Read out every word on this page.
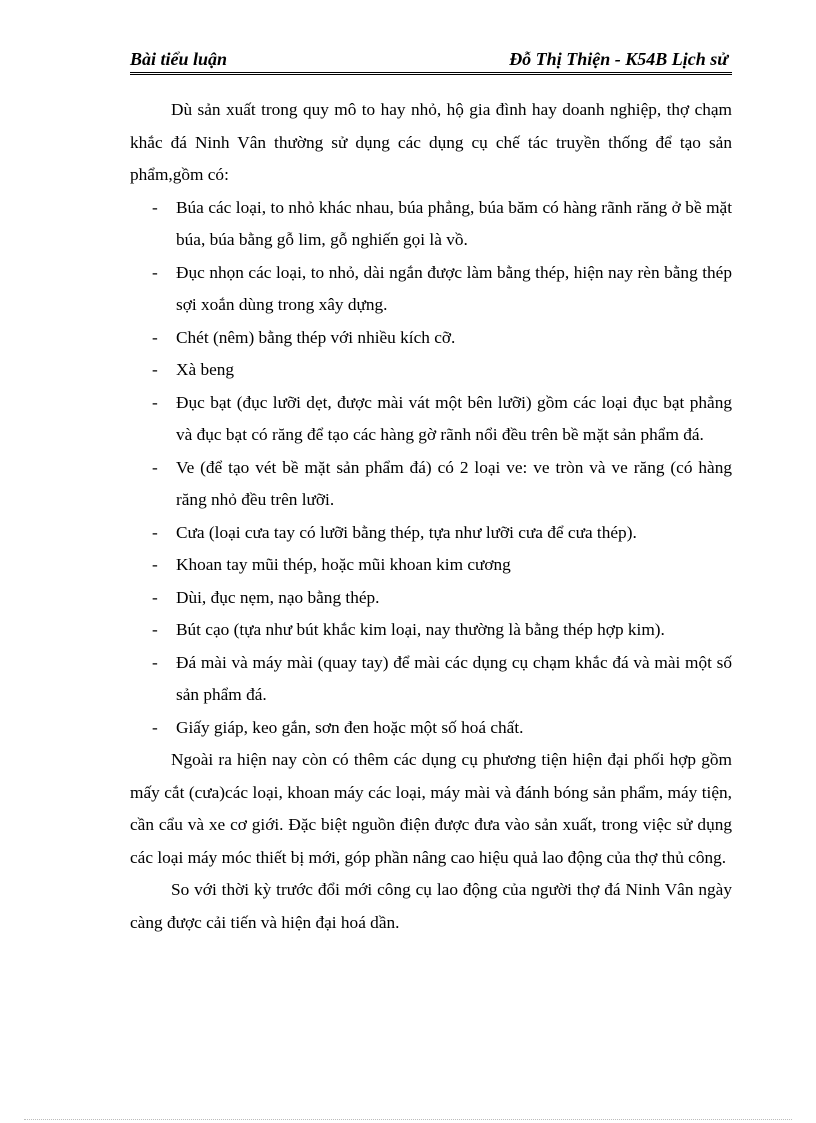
Bài tiểu luận	Đỗ Thị Thiện - K54B Lịch sử

Dù sản xuất trong quy mô to hay nhỏ, hộ gia đình hay doanh nghiệp, thợ chạm khắc đá Ninh Vân thường sử dụng các dụng cụ chế tác truyền thống để tạo sản phẩm,gồm có:

- Búa các loại, to nhỏ khác nhau, búa phẳng, búa băm có hàng rãnh răng ở bề mặt búa, búa bằng gỗ lim, gỗ nghiến gọi là vồ.
- Đục nhọn các loại, to nhỏ, dài ngắn được làm bằng thép, hiện nay rèn bằng thép sợi xoắn dùng trong xây dựng.
- Chét (nêm) bằng thép với nhiều kích cỡ.
- Xà beng
- Đục bạt (đục lưỡi dẹt, được mài vát một bên lưỡi) gồm các loại đục bạt phẳng và đục bạt có răng để tạo các hàng gờ rãnh nổi đều trên bề mặt sản phẩm đá.
- Ve (để tạo vét bề mặt sản phẩm đá) có 2 loại ve: ve tròn và ve răng (có hàng răng nhỏ đều trên lưỡi.
- Cưa (loại cưa tay có lưỡi bằng thép, tựa như lưỡi cưa để cưa thép).
- Khoan tay mũi thép, hoặc mũi khoan kim cương
- Dùi, đục nẹm, nạo bằng thép.
- Bút cạo (tựa như bút khắc kim loại, nay thường là bằng thép hợp kim).
- Đá mài và máy mài (quay tay) để mài các dụng cụ chạm khắc đá và mài một số sản phẩm đá.
- Giấy giáp, keo gắn, sơn đen hoặc một số hoá chất.

Ngoài ra hiện nay còn có thêm các dụng cụ phương tiện hiện đại phối hợp gồm mấy cắt (cưa)các loại, khoan máy các loại, máy mài và đánh bóng sản phẩm, máy tiện, cần cẩu và xe cơ giới. Đặc biệt nguồn điện được đưa vào sản xuất, trong việc sử dụng các loại máy móc thiết bị mới, góp phần nâng cao hiệu quả lao động của thợ thủ công.

So với thời kỳ trước đổi mới công cụ lao động của người thợ đá Ninh Vân ngày càng được cải tiến và hiện đại hoá dần.
